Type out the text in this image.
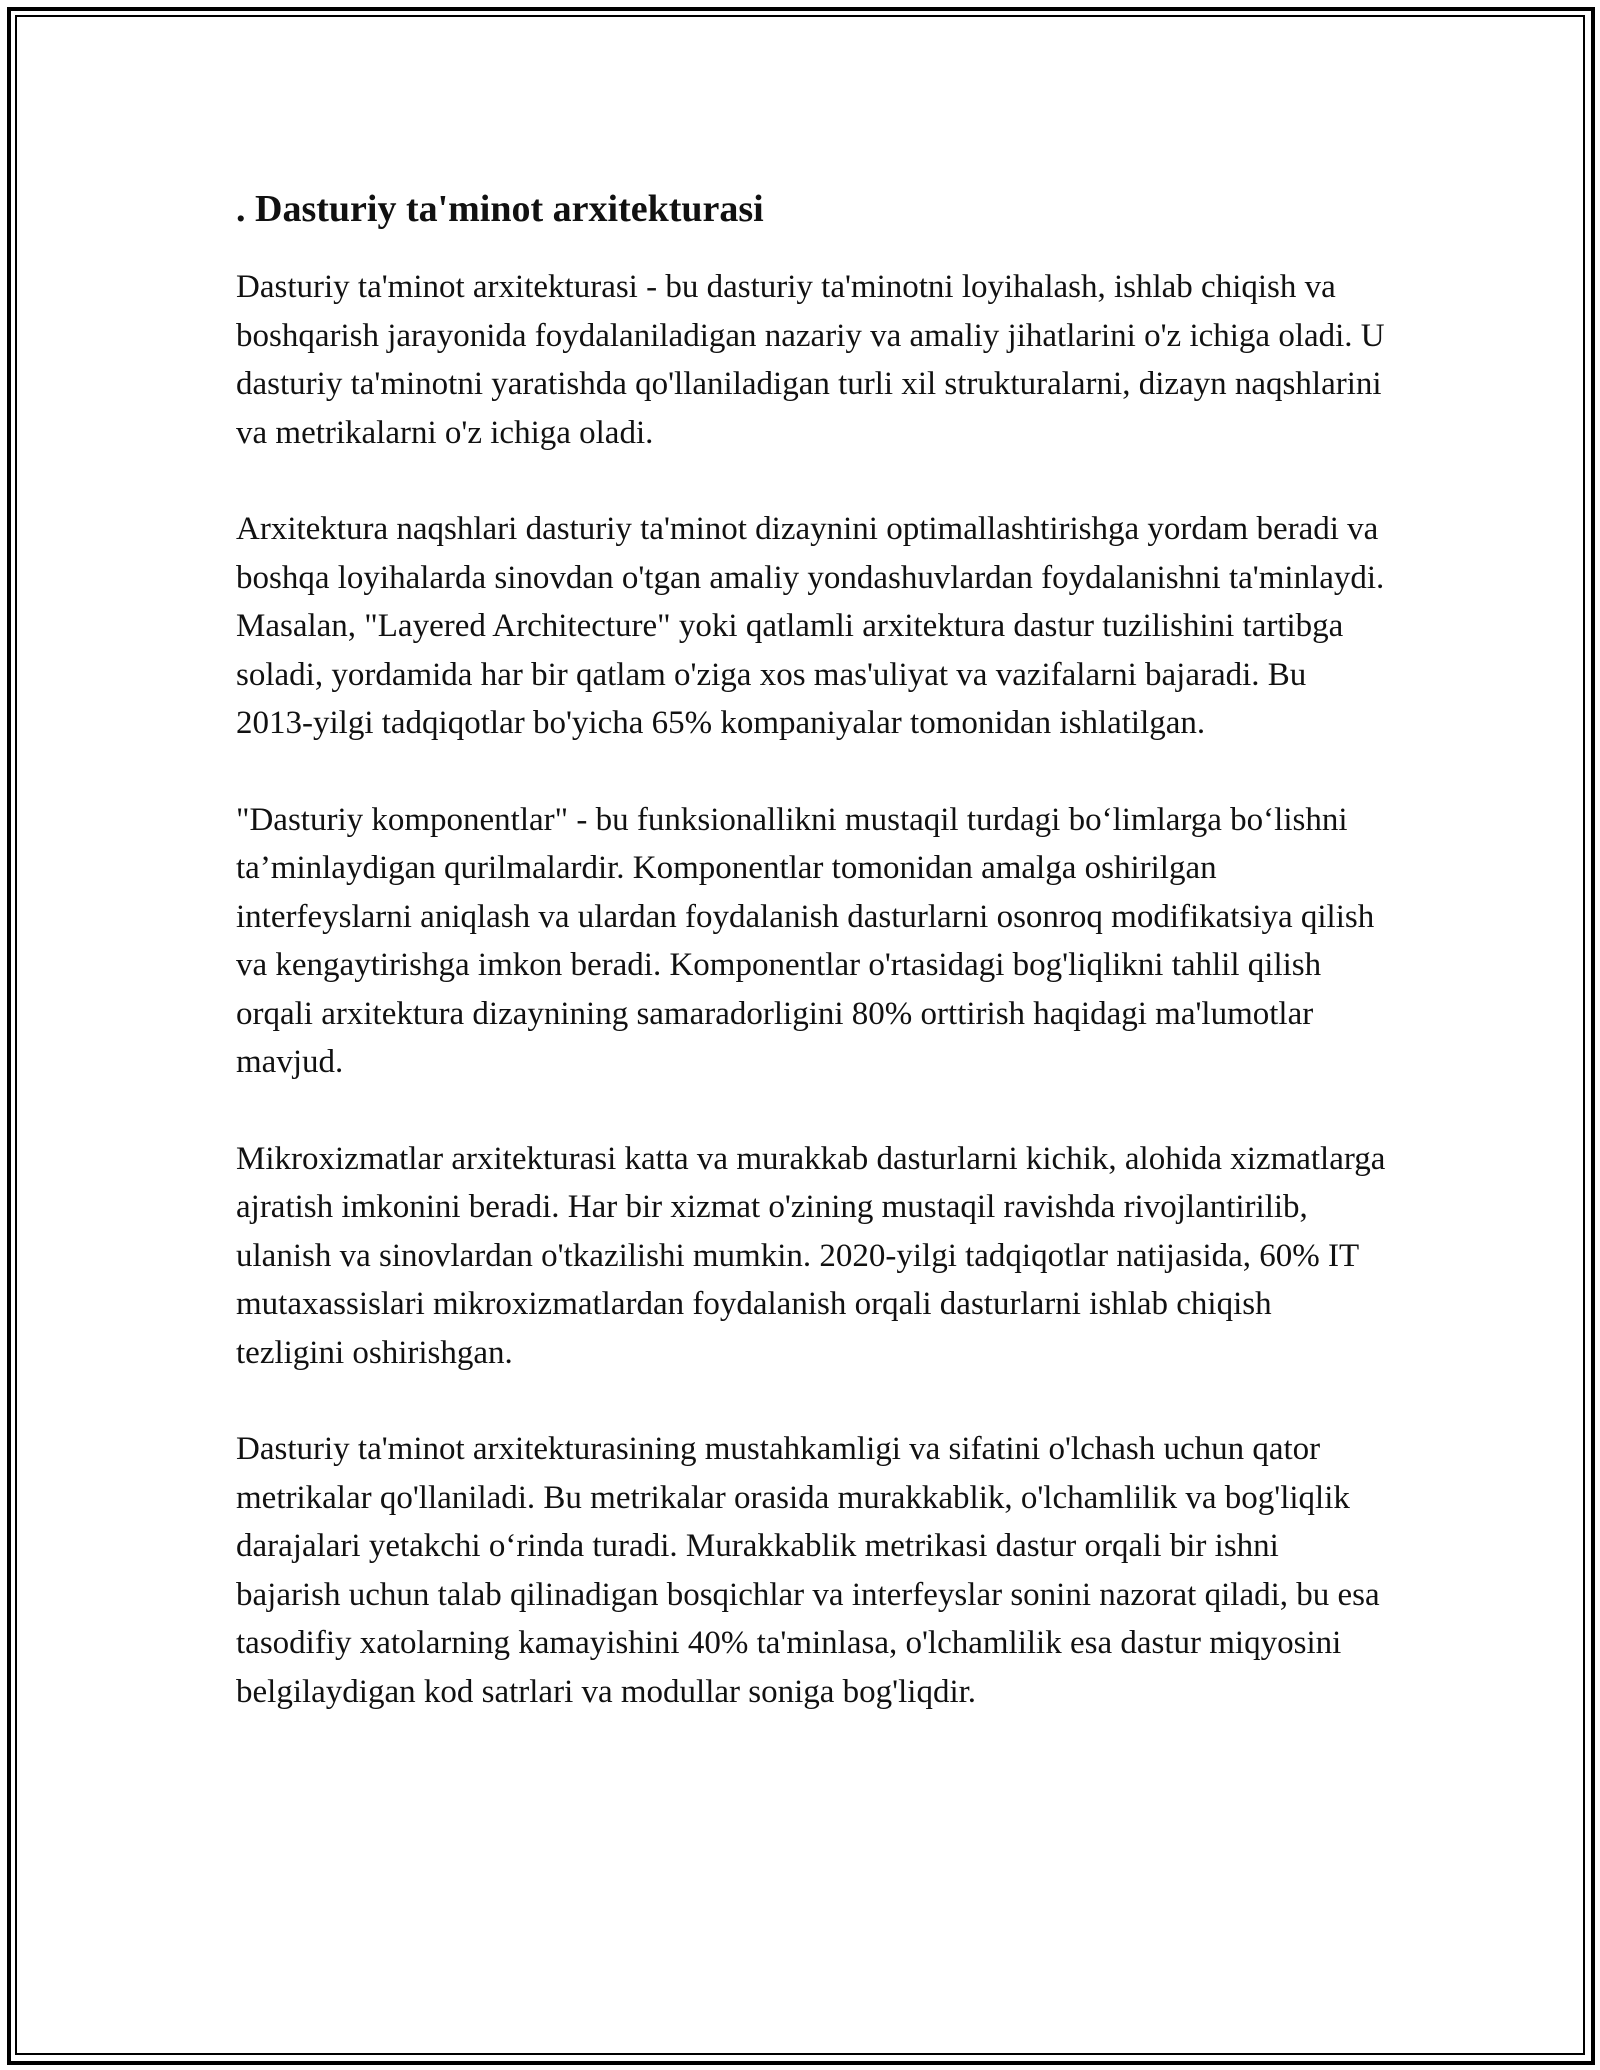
. Dasturiy ta'minot arxitekturasi

Dasturiy ta'minot arxitekturasi - bu dasturiy ta'minotni loyihalash, ishlab chiqish va boshqarish jarayonida foydalaniladigan nazariy va amaliy jihatlarini o'z ichiga oladi. U dasturiy ta'minotni yaratishda qo'llaniladigan turli xil strukturalarni, dizayn naqshlarini va metrikalarni o'z ichiga oladi.

Arxitektura naqshlari dasturiy ta'minot dizaynini optimallashtirishga yordam beradi va boshqa loyihalarda sinovdan o'tgan amaliy yondashuvlardan foydalanishni ta'minlaydi. Masalan, "Layered Architecture" yoki qatlamli arxitektura dastur tuzilishini tartibga soladi, yordamida har bir qatlam o'ziga xos mas'uliyat va vazifalarni bajaradi. Bu 2013-yilgi tadqiqotlar bo'yicha 65% kompaniyalar tomonidan ishlatilgan.

"Dasturiy komponentlar" - bu funksionallikni mustaqil turdagi bo‘limlarga bo‘lishni ta’minlaydigan qurilmalardir. Komponentlar tomonidan amalga oshirilgan interfeyslarni aniqlash va ulardan foydalanish dasturlarni osonroq modifikatsiya qilish va kengaytirishga imkon beradi. Komponentlar o'rtasidagi bog'liqlikni tahlil qilish orqali arxitektura dizaynining samaradorligini 80% orttirish haqidagi ma'lumotlar mavjud.

Mikroxizmatlar arxitekturasi katta va murakkab dasturlarni kichik, alohida xizmatlarga ajratish imkonini beradi. Har bir xizmat o'zining mustaqil ravishda rivojlantirilib, ulanish va sinovlardan o'tkazilishi mumkin. 2020-yilgi tadqiqotlar natijasida, 60% IT mutaxassislari mikroxizmatlardan foydalanish orqali dasturlarni ishlab chiqish tezligini oshirishgan.

Dasturiy ta'minot arxitekturasining mustahkamligi va sifatini o'lchash uchun qator metrikalar qo'llaniladi. Bu metrikalar orasida murakkablik, o'lchamlilik va bog'liqlik darajalari yetakchi o‘rinda turadi. Murakkablik metrikasi dastur orqali bir ishni bajarish uchun talab qilinadigan bosqichlar va interfeyslar sonini nazorat qiladi, bu esa tasodifiy xatolarning kamayishini 40% ta'minlasa, o'lchamlilik esa dastur miqyosini belgilaydigan kod satrlari va modullar soniga bog'liqdir.
